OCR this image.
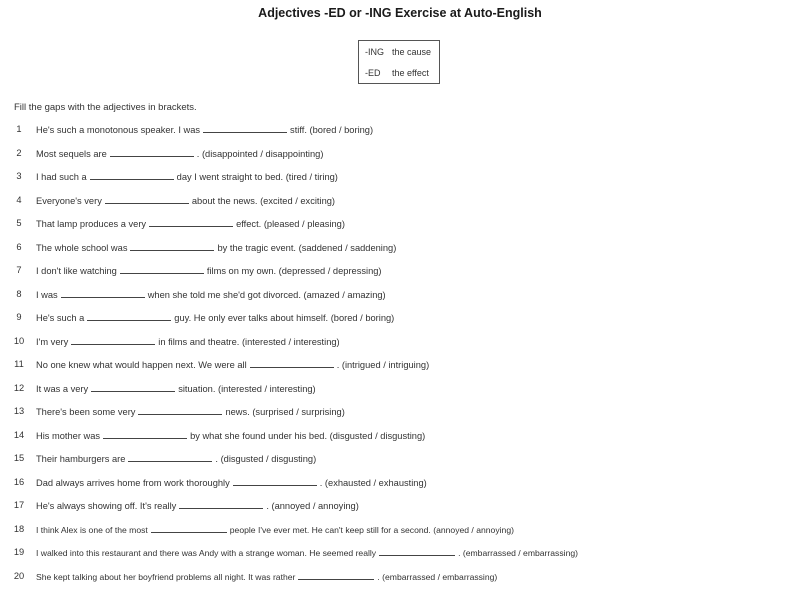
Adjectives -ED or -ING Exercise at Auto-English
-ING the cause
-ED the effect
Fill the gaps with the adjectives in brackets.
1	He's such a monotonous speaker. I was	stiff. (bored / boring)
2	Most sequels are	. (disappointed / disappointing)
3	I had such a	day I went straight to bed. (tired / tiring)
4	Everyone's very	about the news. (excited / exciting)
5	That lamp produces a very	effect. (pleased / pleasing)
6	The whole school was	by the tragic event. (saddened / saddening)
7	I don't like watching	films on my own. (depressed / depressing)
8	I was	when she told me she'd got divorced. (amazed / amazing)
9	He's such a	guy. He only ever talks about himself. (bored / boring)
10 I'm very	in films and theatre. (interested / interesting)
11 No one knew what would happen next. We were all	. (intrigued / intriguing)
12 It was a very	situation. (interested / interesting)
13 There's been some very	news. (surprised / surprising)
14 His mother was	by what she found under his bed. (disgusted / disgusting)
15 Their hamburgers are	. (disgusted / disgusting)
16 Dad always arrives home from work thoroughly	. (exhausted / exhausting)
17 He's always showing off. It's really	. (annoyed / annoying)
18 I think Alex is one of the most	people I've ever met. He can't keep still for a second. (annoyed / annoying)
19 I walked into this restaurant and there was Andy with a strange woman. He seemed really	. (embarrassed / embarrassing)
20 She kept talking about her boyfriend problems all night. It was rather	. (embarrassed / embarrassing)
